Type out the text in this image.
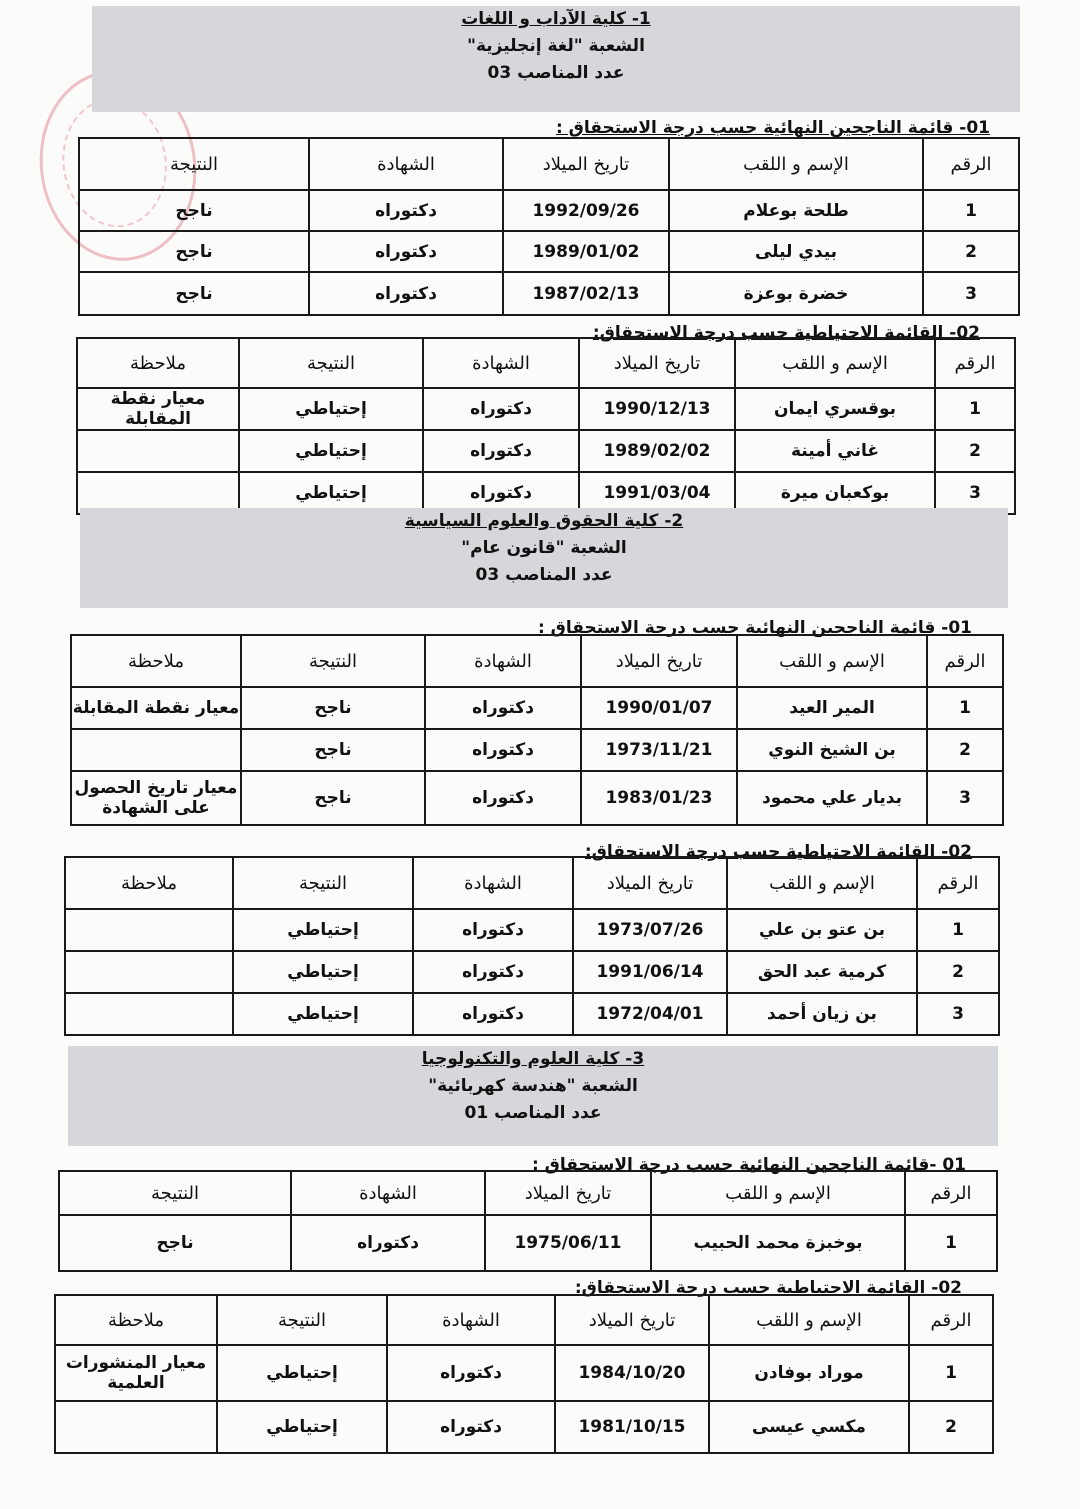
1- كلية الآداب و اللغات
الشعبة "لغة إنجليزية"
عدد المناصب 03
01- قائمة الناجحين النهائية حسب درجة الاستحقاق :
الرقم	الإسم و اللقب	تاريخ الميلاد	الشهادة	النتيجة
1	طلحة بوعلام	1992/09/26	دكتوراه	ناجح
2	بيدي ليلى	1989/01/02	دكتوراه	ناجح
3	خضرة بوعزة	1987/02/13	دكتوراه	ناجح
02- القائمة الاحتياطية حسب درجة الاستحقاق:
الرقم	الإسم و اللقب	تاريخ الميلاد	الشهادة	النتيجة	ملاحظة
1	بوقسري ايمان	1990/12/13	دكتوراه	إحتياطي	معيار نقطة المقابلة
2	غاني أمينة	1989/02/02	دكتوراه	إحتياطي	
3	بوكعبان ميرة	1991/03/04	دكتوراه	إحتياطي	
2- كلية الحقوق والعلوم السياسية
الشعبة "قانون عام"
عدد المناصب 03
01- قائمة الناجحين النهائية حسب درجة الاستحقاق :
الرقم	الإسم و اللقب	تاريخ الميلاد	الشهادة	النتيجة	ملاحظة
1	المير العيد	1990/01/07	دكتوراه	ناجح	معيار نقطة المقابلة
2	بن الشيخ النوي	1973/11/21	دكتوراه	ناجح	
3	بديار علي محمود	1983/01/23	دكتوراه	ناجح	معيار تاريخ الحصول على الشهادة
02- القائمة الاحتياطية حسب درجة الاستحقاق:
الرقم	الإسم و اللقب	تاريخ الميلاد	الشهادة	النتيجة	ملاحظة
1	بن عتو بن علي	1973/07/26	دكتوراه	إحتياطي	
2	كرمية عبد الحق	1991/06/14	دكتوراه	إحتياطي	
3	بن زيان أحمد	1972/04/01	دكتوراه	إحتياطي	
3- كلية العلوم والتكنولوجيا
الشعبة "هندسة كهربائية"
عدد المناصب 01
01 -قائمة الناجحين النهائية حسب درجة الاستحقاق :
الرقم	الإسم و اللقب	تاريخ الميلاد	الشهادة	النتيجة
1	بوخبزة محمد الحبيب	1975/06/11	دكتوراه	ناجح
02- القائمة الاحتياطية حسب درجة الاستحقاق:
الرقم	الإسم و اللقب	تاريخ الميلاد	الشهادة	النتيجة	ملاحظة
1	موراد بوفادن	1984/10/20	دكتوراه	إحتياطي	معيار المنشورات العلمية
2	مكسي عيسى	1981/10/15	دكتوراه	إحتياطي	
